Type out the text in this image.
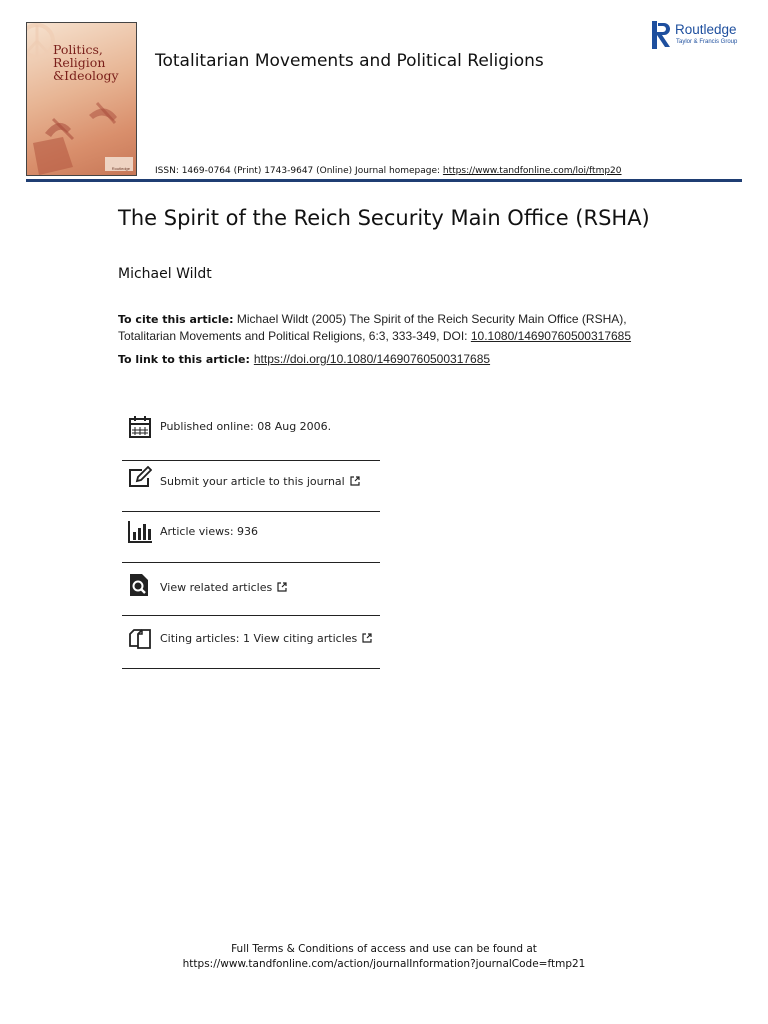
Politics,
Religion
&Ideology
Routledge
Totalitarian Movements and Political Religions
ISSN: 1469-0764 (Print) 1743-9647 (Online) Journal homepage: https://www.tandfonline.com/loi/ftmp20
Routledge
Taylor & Francis Group
The Spirit of the Reich Security Main Office (RSHA)
Michael Wildt
To cite this article: Michael Wildt (2005) The Spirit of the Reich Security Main Office (RSHA), Totalitarian Movements and Political Religions, 6:3, 333-349, DOI: 10.1080/14690760500317685
To link to this article: https://doi.org/10.1080/14690760500317685
Published online: 08 Aug 2006.
Submit your article to this journal
Article views: 936
View related articles
Citing articles: 1 View citing articles
Full Terms & Conditions of access and use can be found at
https://www.tandfonline.com/action/journalInformation?journalCode=ftmp21
